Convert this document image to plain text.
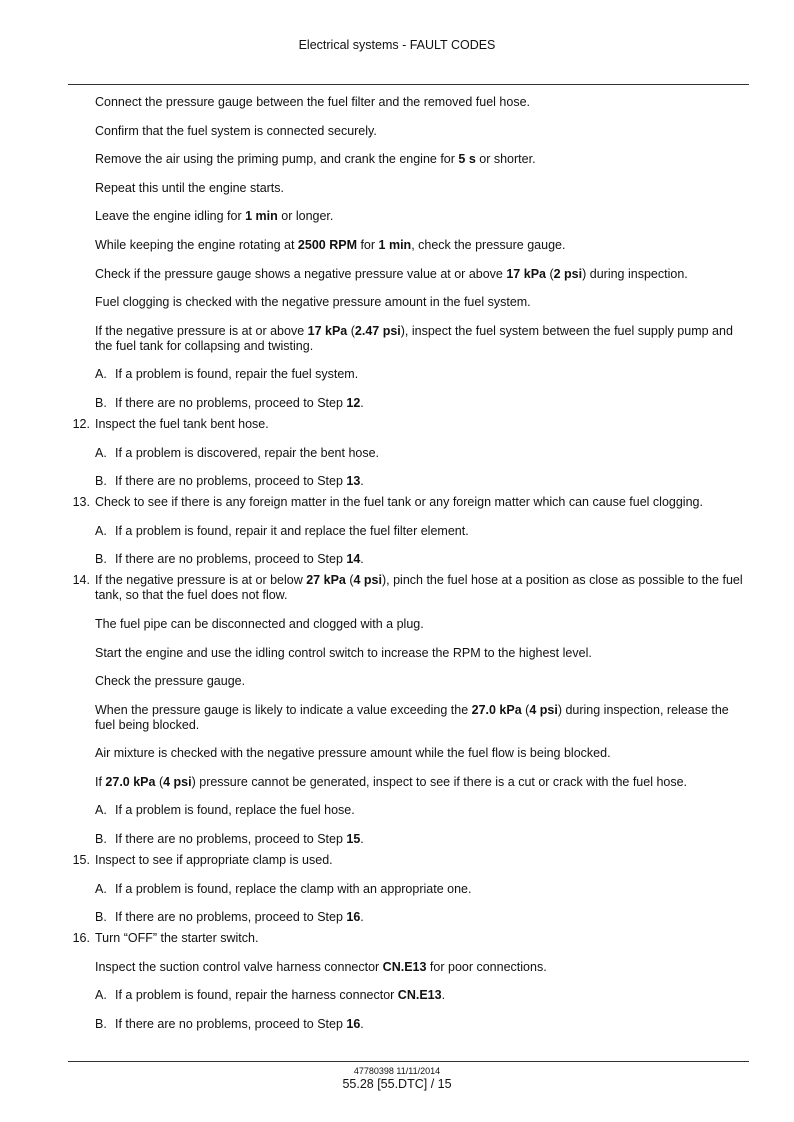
Electrical systems - FAULT CODES

Connect the pressure gauge between the fuel filter and the removed fuel hose.

Confirm that the fuel system is connected securely.

Remove the air using the priming pump, and crank the engine for 5 s or shorter.

Repeat this until the engine starts.

Leave the engine idling for 1 min or longer.

While keeping the engine rotating at 2500 RPM for 1 min, check the pressure gauge.

Check if the pressure gauge shows a negative pressure value at or above 17 kPa (2 psi) during inspection.

Fuel clogging is checked with the negative pressure amount in the fuel system.

If the negative pressure is at or above 17 kPa (2.47 psi), inspect the fuel system between the fuel supply pump and the fuel tank for collapsing and twisting.

A. If a problem is found, repair the fuel system.

B. If there are no problems, proceed to Step 12.

12. Inspect the fuel tank bent hose.

A. If a problem is discovered, repair the bent hose.

B. If there are no problems, proceed to Step 13.

13. Check to see if there is any foreign matter in the fuel tank or any foreign matter which can cause fuel clogging.

A. If a problem is found, repair it and replace the fuel filter element.

B. If there are no problems, proceed to Step 14.

14. If the negative pressure is at or below 27 kPa (4 psi), pinch the fuel hose at a position as close as possible to the fuel tank, so that the fuel does not flow.

The fuel pipe can be disconnected and clogged with a plug.

Start the engine and use the idling control switch to increase the RPM to the highest level.

Check the pressure gauge.

When the pressure gauge is likely to indicate a value exceeding the 27.0 kPa (4 psi) during inspection, release the fuel being blocked.

Air mixture is checked with the negative pressure amount while the fuel flow is being blocked.

If 27.0 kPa (4 psi) pressure cannot be generated, inspect to see if there is a cut or crack with the fuel hose.

A. If a problem is found, replace the fuel hose.

B. If there are no problems, proceed to Step 15.

15. Inspect to see if appropriate clamp is used.

A. If a problem is found, replace the clamp with an appropriate one.

B. If there are no problems, proceed to Step 16.

16. Turn “OFF” the starter switch.

Inspect the suction control valve harness connector CN.E13 for poor connections.

A. If a problem is found, repair the harness connector CN.E13.

B. If there are no problems, proceed to Step 16.

47780398 11/11/2014
55.28 [55.DTC] / 15
